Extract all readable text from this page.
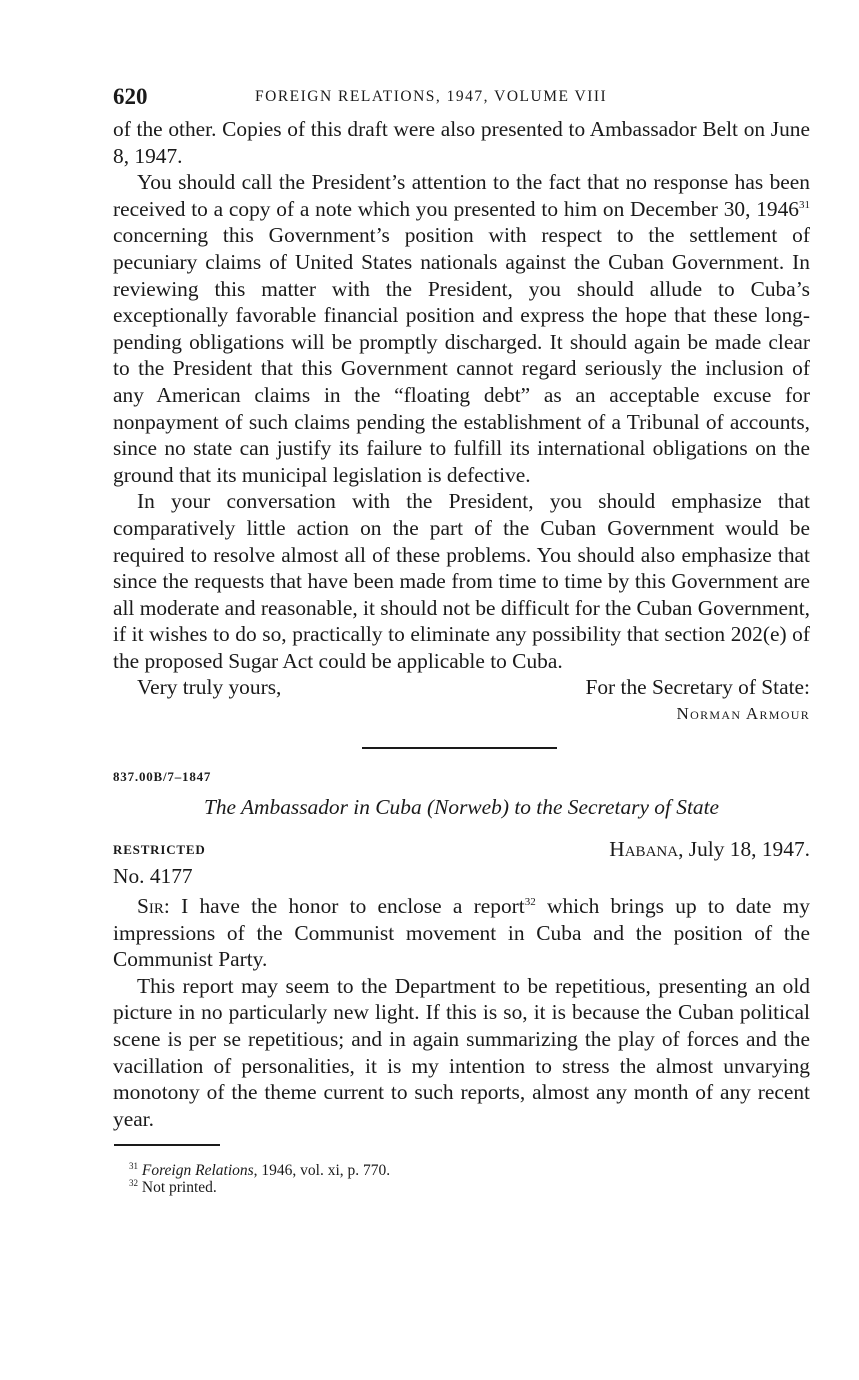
620	FOREIGN RELATIONS, 1947, VOLUME VIII

of the other. Copies of this draft were also presented to Ambassador Belt on June 8, 1947.

You should call the President’s attention to the fact that no response has been received to a copy of a note which you presented to him on December 30, 1946$^{31}$ concerning this Government’s position with respect to the settlement of pecuniary claims of United States nationals against the Cuban Government. In reviewing this matter with the President, you should allude to Cuba’s exceptionally favorable financial position and express the hope that these long-pending obligations will be promptly discharged. It should again be made clear to the President that this Government cannot regard seriously the inclusion of any American claims in the “floating debt” as an acceptable excuse for nonpayment of such claims pending the establishment of a Tribunal of accounts, since no state can justify its failure to fulfill its international obligations on the ground that its municipal legislation is defective.

In your conversation with the President, you should emphasize that comparatively little action on the part of the Cuban Government would be required to resolve almost all of these problems. You should also emphasize that since the requests that have been made from time to time by this Government are all moderate and reasonable, it should not be difficult for the Cuban Government, if it wishes to do so, practically to eliminate any possibility that section 202(e) of the proposed Sugar Act could be applicable to Cuba.

Very truly yours,	For the Secretary of State:
Norman Armour
837.00B/7–1847
The Ambassador in Cuba (Norweb) to the Secretary of State
RESTRICTED	Habana, July 18, 1947.
No. 4177

Sir: I have the honor to enclose a report$^{32}$ which brings up to date my impressions of the Communist movement in Cuba and the position of the Communist Party.

This report may seem to the Department to be repetitious, presenting an old picture in no particularly new light. If this is so, it is because the Cuban political scene is per se repetitious; and in again summarizing the play of forces and the vacillation of personalities, it is my intention to stress the almost unvarying monotony of the theme current to such reports, almost any month of any recent year.

$^{31}$ Foreign Relations, 1946, vol. xi, p. 770.
$^{32}$ Not printed.
